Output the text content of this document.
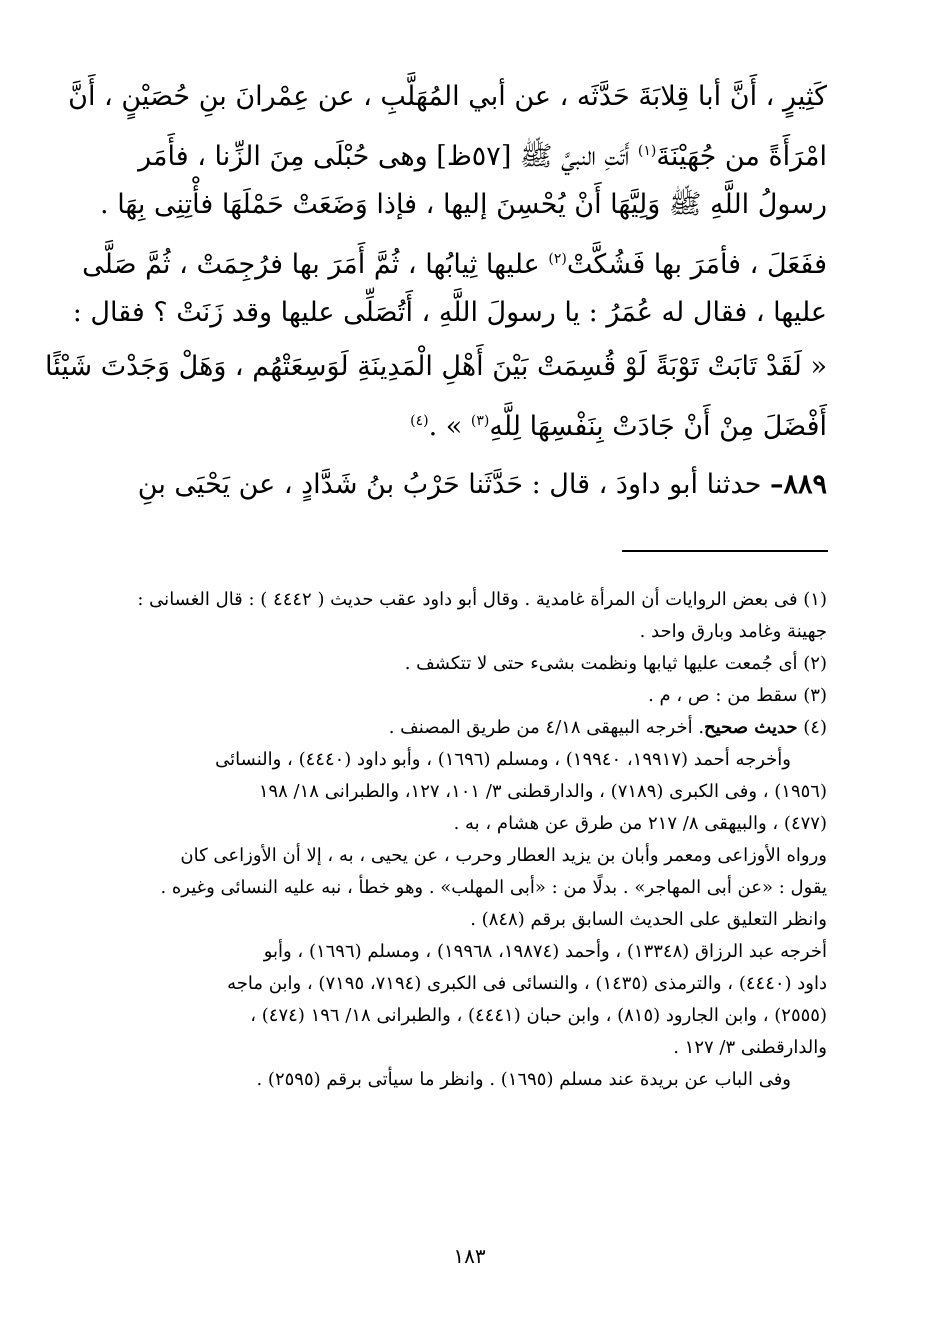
كَثِيرٍ ، أَنَّ أبا قِلابَةَ حَدَّثَه ، عن أبي المُهَلَّبِ ، عن عِمْرانَ بنِ حُصَيْنٍ ، أَنَّ
امْرَأَةً من جُهَيْنَةَ$^{(١)}$ أَتَتِ النبيَّ ﷺ [٥٧ظ] وهى حُبْلَى مِنَ الزِّنا ، فأَمَر
رسولُ اللَّهِ ﷺ وَلِيَّهَا أَنْ يُحْسِنَ إليها ، فإذا وَضَعَتْ حَمْلَهَا فأْتِنِى بِهَا .
ففَعَلَ ، فأمَرَ بها فَشُكَّتْ$^{(٢)}$ عليها ثِيابُها ، ثُمَّ أَمَرَ بها فرُجِمَتْ ، ثُمَّ صَلَّى
عليها ، فقال له عُمَرُ : يا رسولَ اللَّهِ ، أَتُصَلِّى عليها وقد زَنَتْ ؟ فقال :
« لَقَدْ تَابَتْ تَوْبَةً لَوْ قُسِمَتْ بَيْنَ أَهْلِ الْمَدِينَةِ لَوَسِعَتْهُم ، وَهَلْ وَجَدْتَ شَيْئًا
أَفْضَلَ مِنْ أَنْ جَادَتْ بِنَفْسِهَا لِلَّهِ$^{(٣)}$ » .$^{(٤)}$
٨٨٩– حدثنا أبو داودَ ، قال : حَدَّثَنا حَرْبُ بنُ شَدَّادٍ ، عن يَحْيَى بنِ
(١) فى بعض الروايات أن المرأة غامدية . وقال أبو داود عقب حديث ( ٤٤٤٢ ) : قال الغسانى :
جهينة وغامد وبارق واحد .
(٢) أى جُمعت عليها ثيابها ونظمت بشىء حتى لا تتكشف .
(٣) سقط من : ص ، م .
(٤) حديث صحيح. أخرجه البيهقى ٤/١٨ من طريق المصنف .
وأخرجه أحمد (١٩٩١٧، ١٩٩٤٠) ، ومسلم (١٦٩٦) ، وأبو داود (٤٤٤٠) ، والنسائى
(١٩٥٦) ، وفى الكبرى (٧١٨٩) ، والدارقطنى ٣/ ١٠١، ١٢٧، والطبرانى ١٨/ ١٩٨
(٤٧٧) ، والبيهقى ٨/ ٢١٧ من طرق عن هشام ، به .
ورواه الأوزاعى ومعمر وأبان بن يزيد العطار وحرب ، عن يحيى ، به ، إلا أن الأوزاعى كان
يقول : «عن أبى المهاجر» . بدلًا من : «أبى المهلب» . وهو خطأ ، نبه عليه النسائى وغيره .
وانظر التعليق على الحديث السابق برقم (٨٤٨) .
أخرجه عبد الرزاق (١٣٣٤٨) ، وأحمد (١٩٨٧٤، ١٩٩٦٨) ، ومسلم (١٦٩٦) ، وأبو
داود (٤٤٤٠) ، والترمذى (١٤٣٥) ، والنسائى فى الكبرى (٧١٩٤، ٧١٩٥) ، وابن ماجه
(٢٥٥٥) ، وابن الجارود (٨١٥) ، وابن حبان (٤٤٤١) ، والطبرانى ١٨/ ١٩٦ (٤٧٤) ،
والدارقطنى ٣/ ١٢٧ .
وفى الباب عن بريدة عند مسلم (١٦٩٥) . وانظر ما سيأتى برقم (٢٥٩٥) .
١٨٣
